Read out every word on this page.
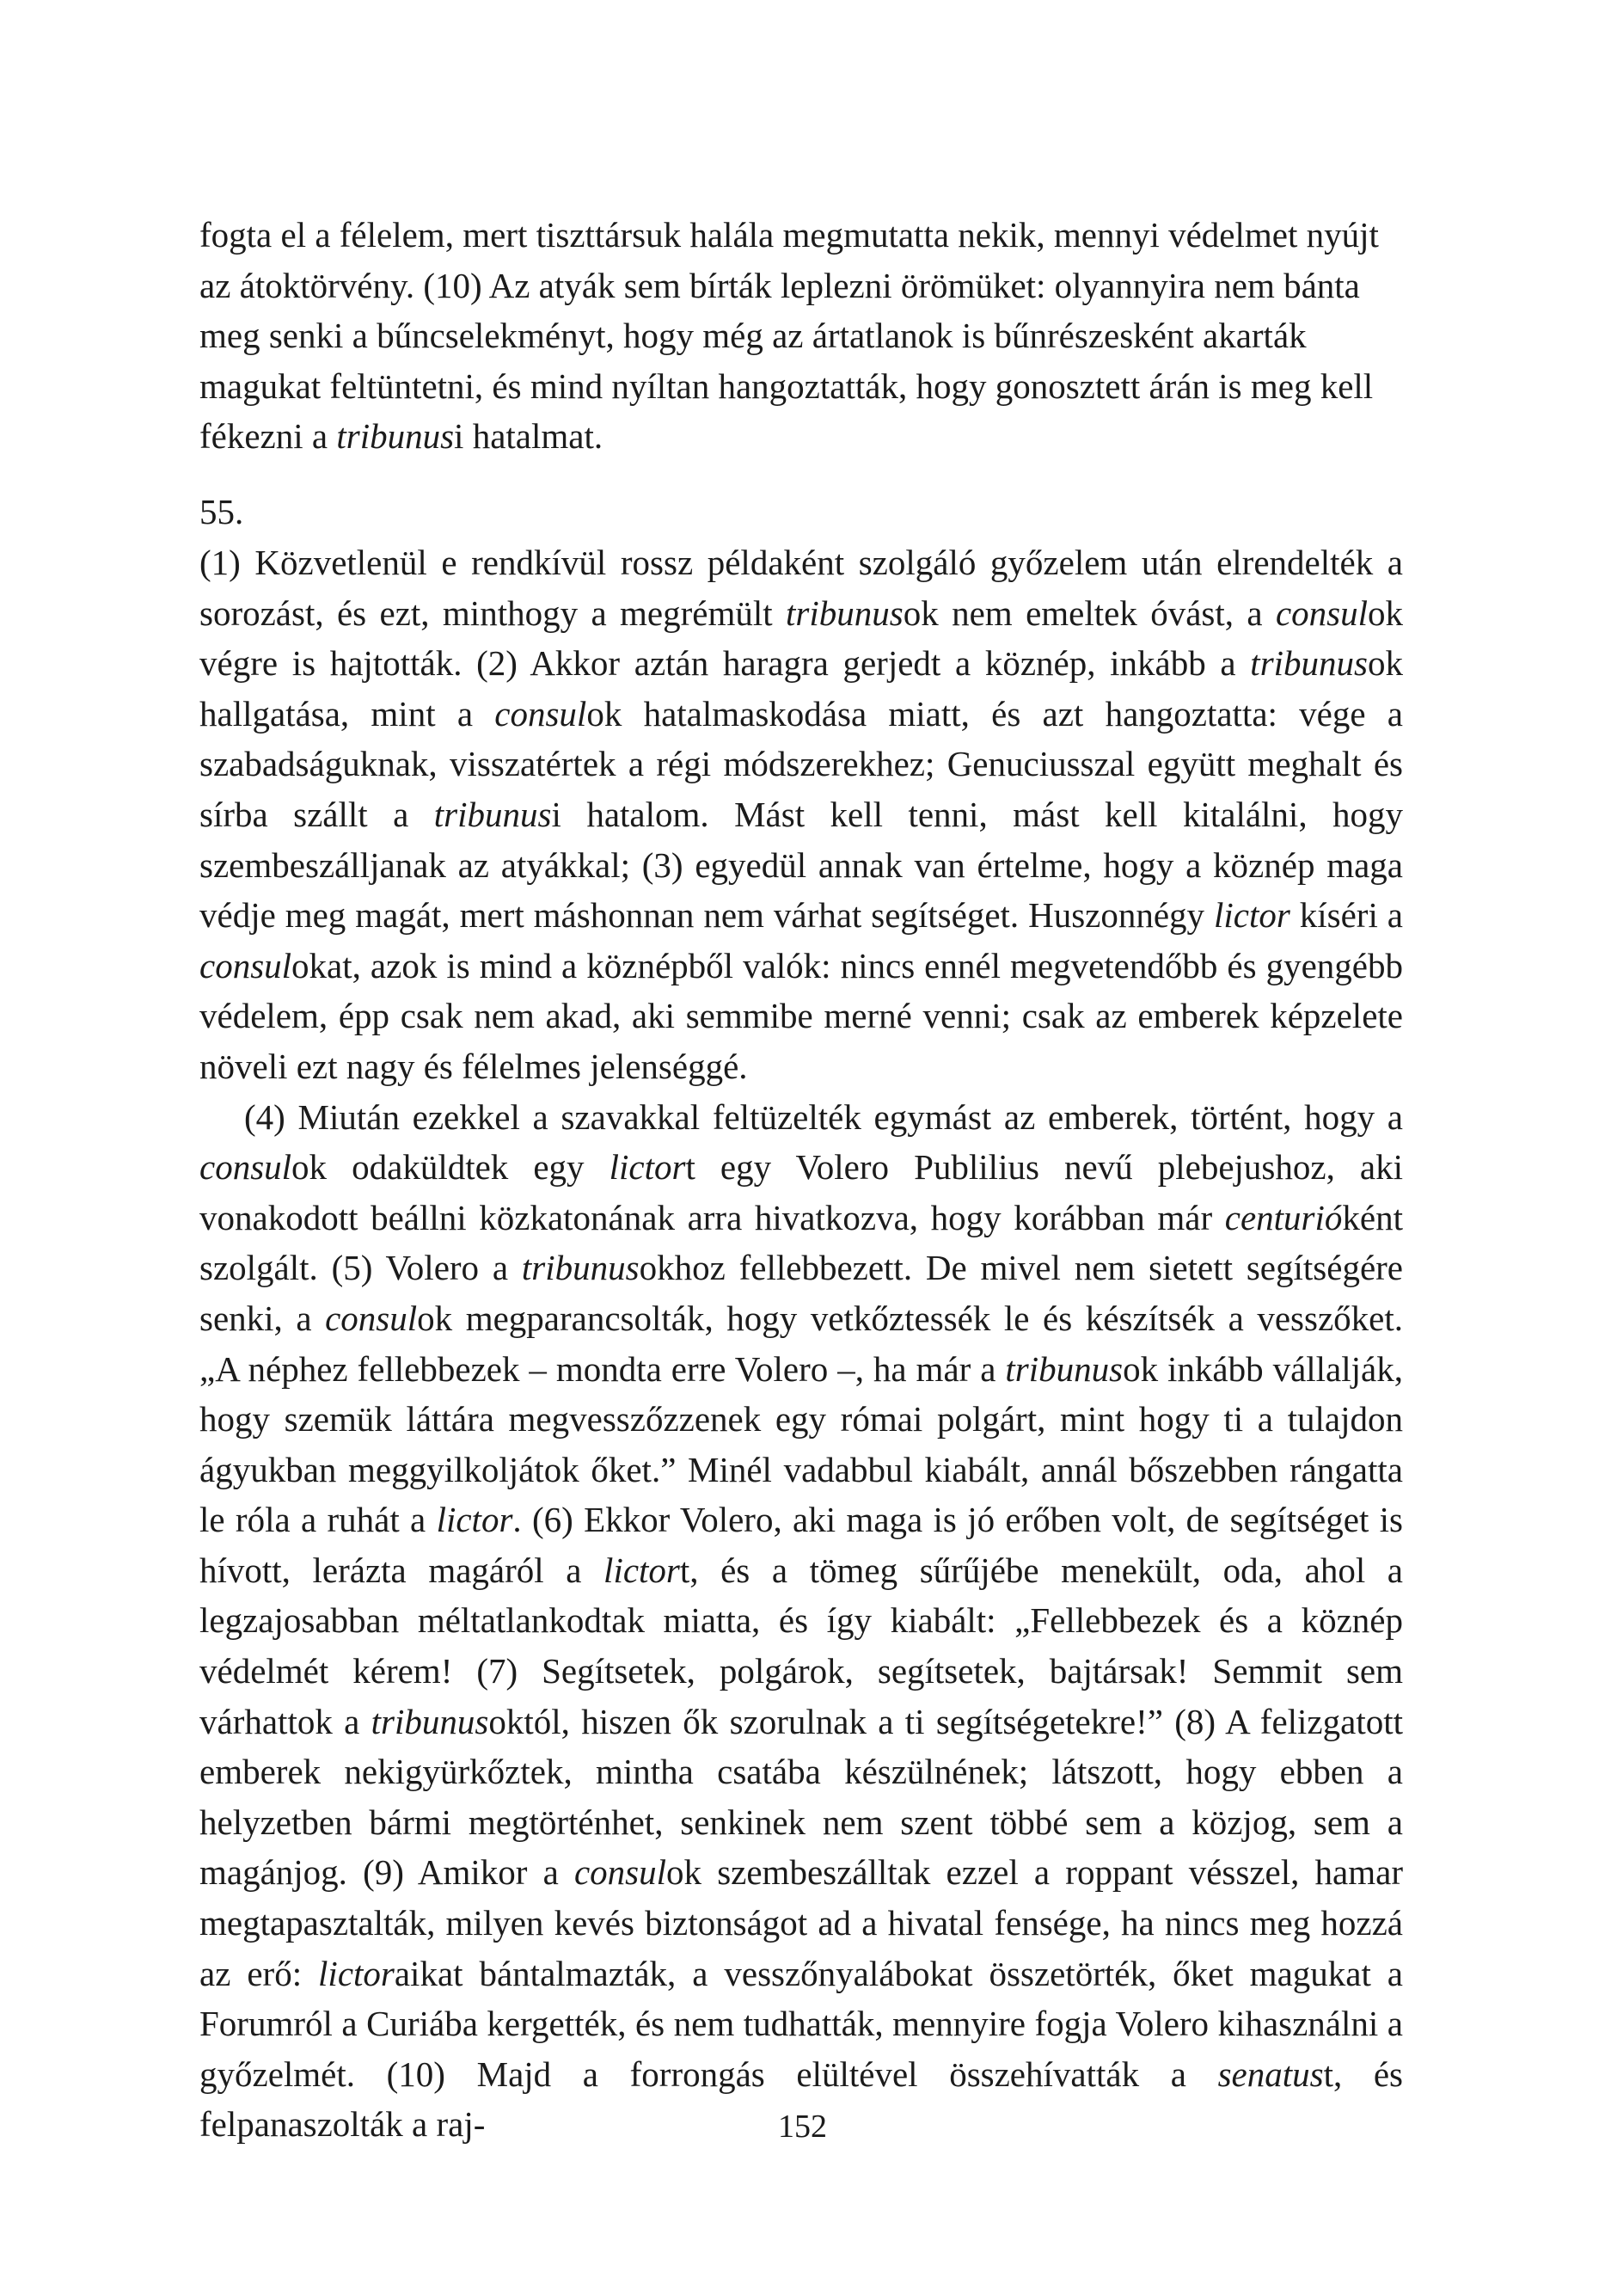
fogta el a félelem, mert tiszttársuk halála megmutatta nekik, mennyi védelmet nyújt az átoktörvény. (10) Az atyák sem bírták leplezni örömüket: olyannyira nem bánta meg senki a bűncselekményt, hogy még az ártatlanok is bűnrészesként akarták magukat feltüntetni, és mind nyíltan hangoztatták, hogy gonosztett árán is meg kell fékezni a tribunusi hatalmat.

55.

(1) Közvetlenül e rendkívül rossz példaként szolgáló győzelem után elrendelték a sorozást, és ezt, minthogy a megrémült tribunusok nem emeltek óvást, a consulok végre is hajtották. (2) Akkor aztán haragra gerjedt a köznép, inkább a tribunusok hallgatása, mint a consulok hatalmaskodása miatt, és azt hangoztatta: vége a szabadságuknak, visszatértek a régi módszerekhez; Genuciusszal együtt meghalt és sírba szállt a tribunusi hatalom. Mást kell tenni, mást kell kitalálni, hogy szembeszálljanak az atyákkal; (3) egyedül annak van értelme, hogy a köznép maga védje meg magát, mert máshonnan nem várhat segítséget. Huszonnégy lictor kíséri a consulokat, azok is mind a köznépből valók: nincs ennél megvetendőbb és gyengébb védelem, épp csak nem akad, aki semmibe merné venni; csak az emberek képzelete növeli ezt nagy és félelmes jelenséggé.

(4) Miután ezekkel a szavakkal feltüzelték egymást az emberek, történt, hogy a consulok odaküldtek egy lictort egy Volero Publilius nevű plebejushoz, aki vonakodott beállni közkatonának arra hivatkozva, hogy korábban már centurióként szolgált. (5) Volero a tribunusokhoz fellebbezett. De mivel nem sietett segítségére senki, a consulok megparancsolták, hogy vetkőztessék le és készítsék a vesszőket. „A néphez fellebbezek – mondta erre Volero –, ha már a tribunusok inkább vállalják, hogy szemük láttára megvesszőzzenek egy római polgárt, mint hogy ti a tulajdon ágyukban meggyilkoljátok őket.” Minél vadabbul kiabált, annál bőszebben rángatta le róla a ruhát a lictor. (6) Ekkor Volero, aki maga is jó erőben volt, de segítséget is hívott, lerázta magáról a lictort, és a tömeg sűrűjébe menekült, oda, ahol a legzajosabban méltatlankodtak miatta, és így kiabált: „Fellebbezek és a köznép védelmét kérem! (7) Segítsetek, polgárok, segítsetek, bajtársak! Semmit sem várhattok a tribunusoktól, hiszen ők szorulnak a ti segítségetekre!” (8) A felizgatott emberek nekigyürkőztek, mintha csatába készülnének; látszott, hogy ebben a helyzetben bármi megtörténhet, senkinek nem szent többé sem a közjog, sem a magánjog. (9) Amikor a consulok szembeszálltak ezzel a roppant vésszel, hamar megtapasztalták, milyen kevés biztonságot ad a hivatal fensége, ha nincs meg hozzá az erő: lictoraikat bántalmazták, a vesszőnyalábokat összetörték, őket magukat a Forumról a Curiába kergették, és nem tudhatták, mennyire fogja Volero kihasználni a győzelmét. (10) Majd a forrongás elültével összehívatták a senatust, és felpanaszolták a raj-	152
